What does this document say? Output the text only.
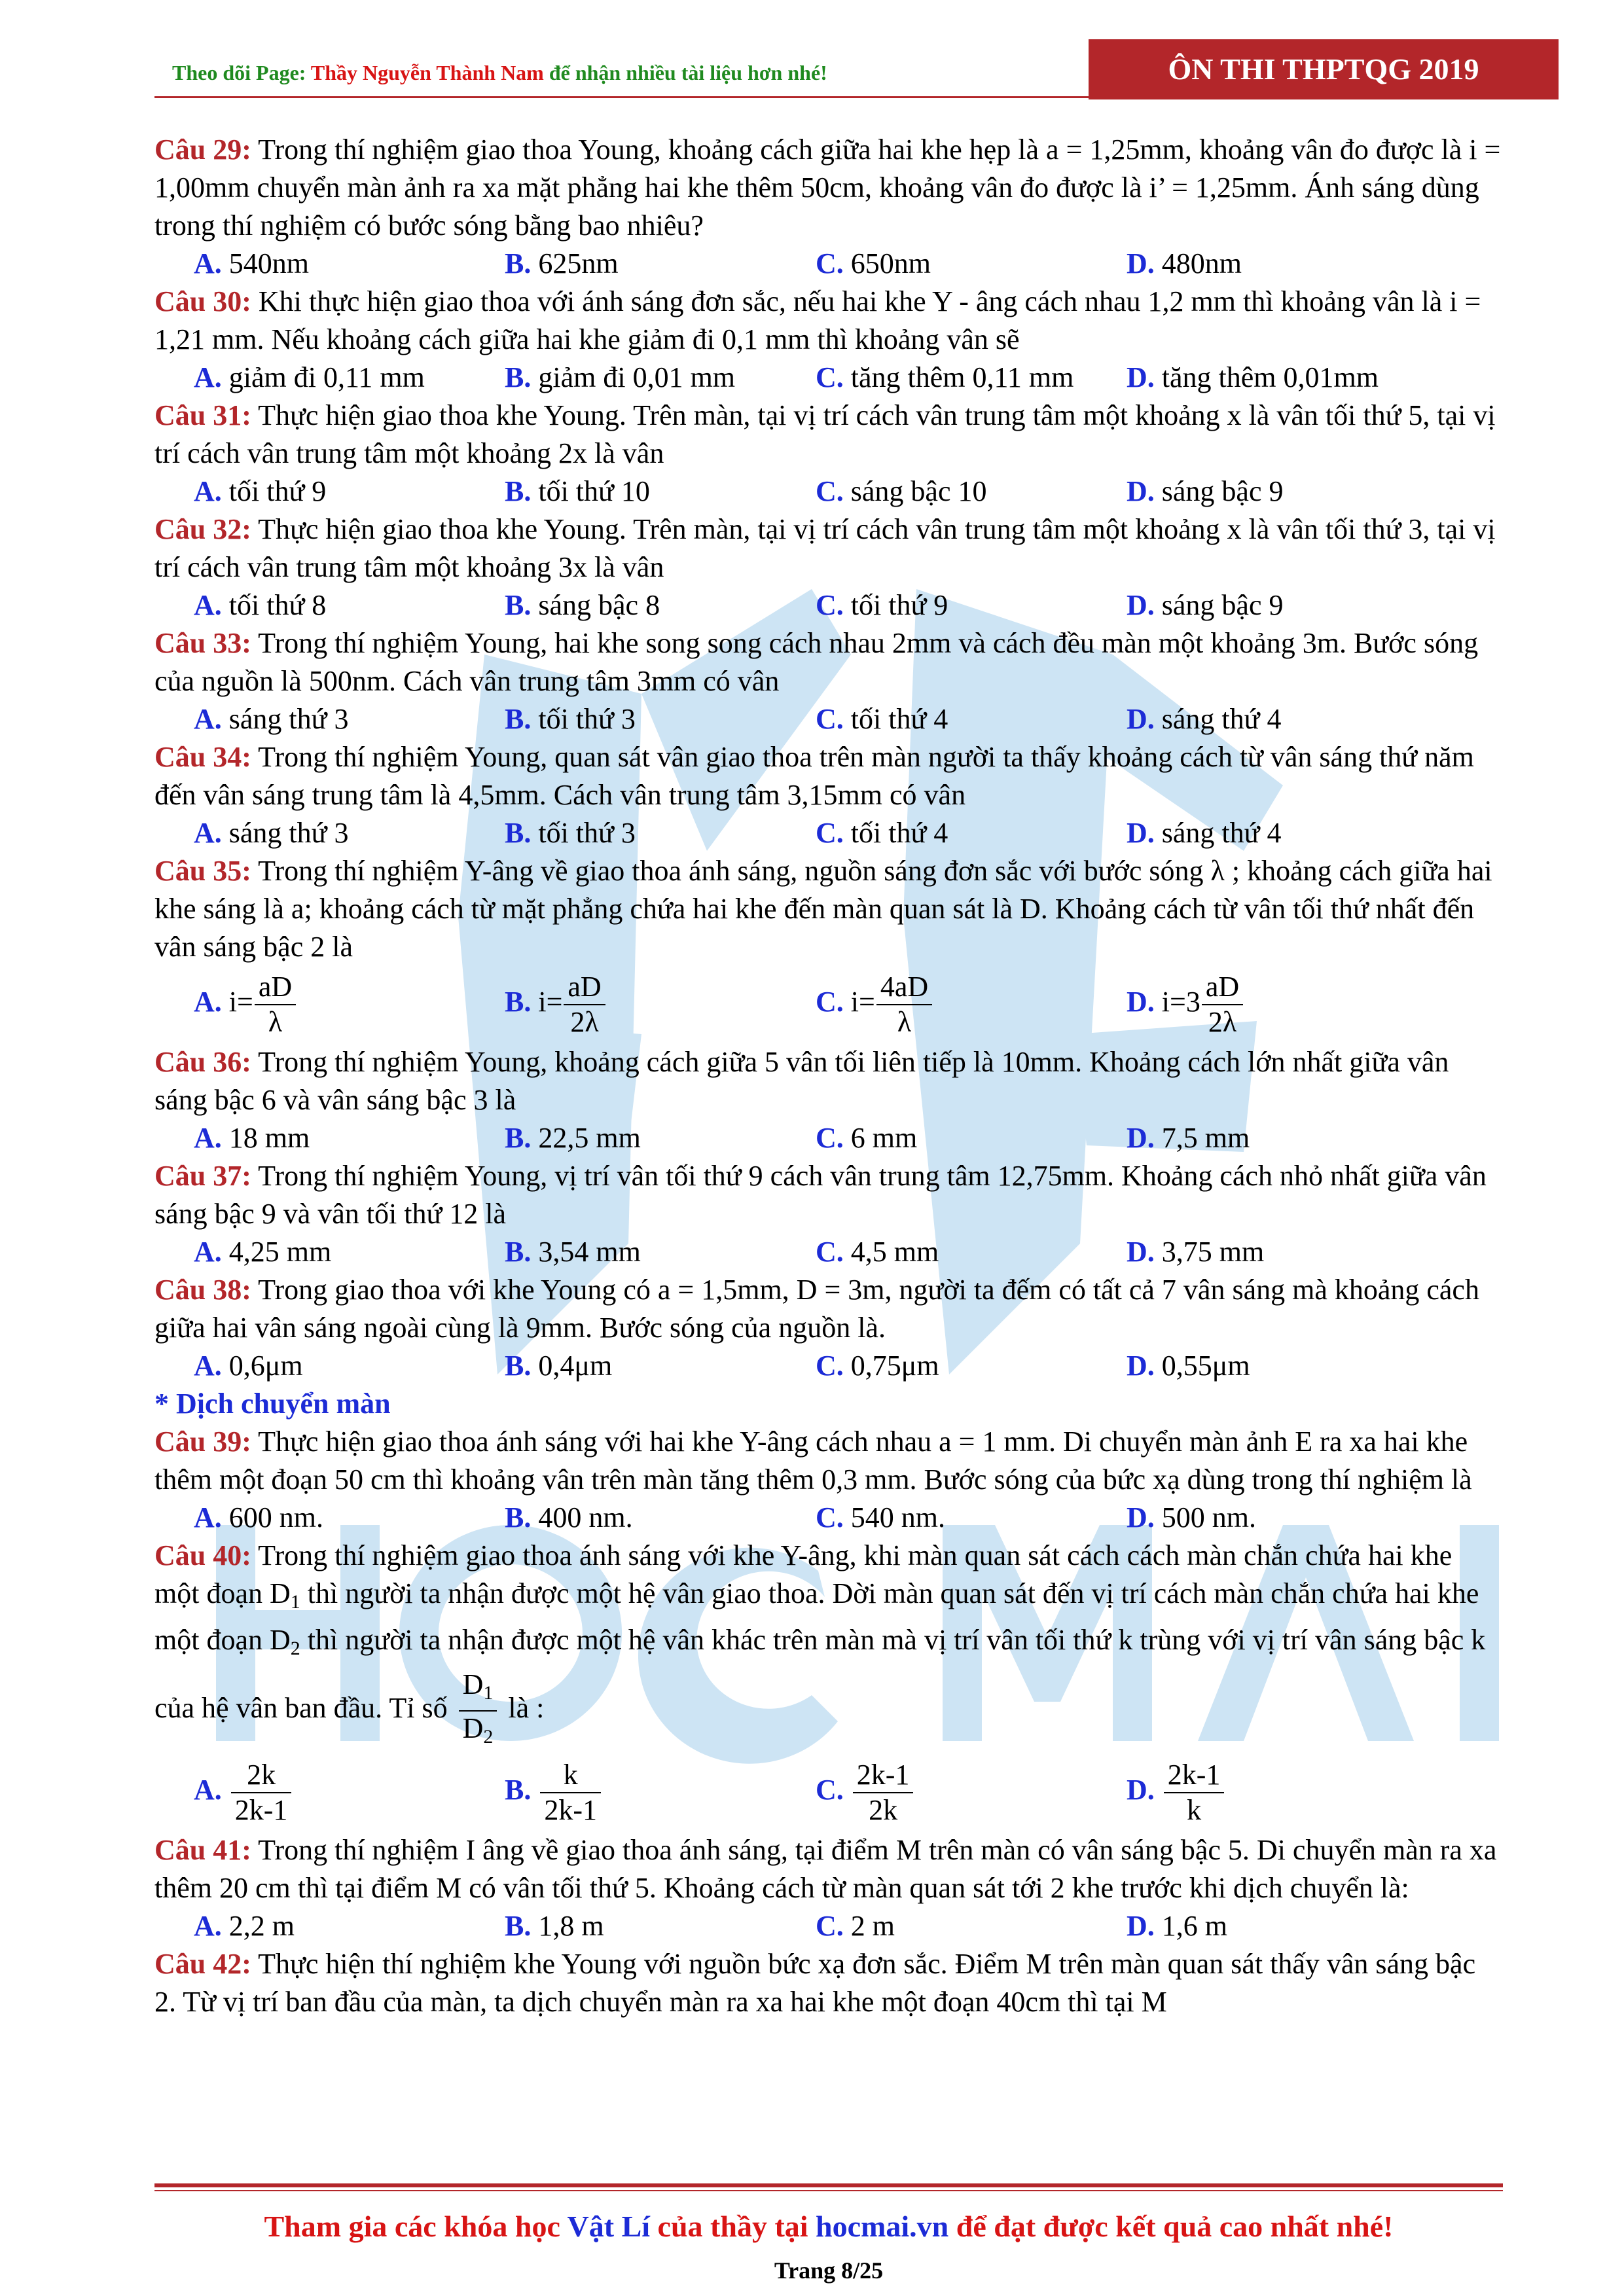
Theo dõi Page: Thầy Nguyễn Thành Nam để nhận nhiều tài liệu hơn nhé!	ÔN THI THPTQG 2019

Câu 29: Trong thí nghiệm giao thoa Young, khoảng cách giữa hai khe hẹp là a = 1,25mm, khoảng vân đo được là i = 1,00mm chuyển màn ảnh ra xa mặt phẳng hai khe thêm 50cm, khoảng vân đo được là i’ = 1,25mm. Ánh sáng dùng trong thí nghiệm có bước sóng bằng bao nhiêu?

A. 540nm	B. 625nm	C. 650nm	D. 480nm

Câu 30: Khi thực hiện giao thoa với ánh sáng đơn sắc, nếu hai khe Y - âng cách nhau 1,2 mm thì khoảng vân là i = 1,21 mm. Nếu khoảng cách giữa hai khe giảm đi 0,1 mm thì khoảng vân sẽ

A. giảm đi 0,11 mm	B. giảm đi 0,01 mm	C. tăng thêm 0,11 mm D. tăng thêm 0,01mm

Câu 31: Thực hiện giao thoa khe Young. Trên màn, tại vị trí cách vân trung tâm một khoảng x là vân tối thứ 5, tại vị trí cách vân trung tâm một khoảng 2x là vân

A. tối thứ 9	B. tối thứ 10	C. sáng bậc 10	D. sáng bậc 9

Câu 32: Thực hiện giao thoa khe Young. Trên màn, tại vị trí cách vân trung tâm một khoảng x là vân tối thứ 3, tại vị trí cách vân trung tâm một khoảng 3x là vân

A. tối thứ 8	B. sáng bậc 8	C. tối thứ 9	D. sáng bậc 9

Câu 33: Trong thí nghiệm Young, hai khe song song cách nhau 2mm và cách đều màn một khoảng 3m. Bước sóng của nguồn là 500nm. Cách vân trung tâm 3mm có vân

A. sáng thứ 3	B. tối thứ 3	C. tối thứ 4	D. sáng thứ 4

Câu 34: Trong thí nghiệm Young, quan sát vân giao thoa trên màn người ta thấy khoảng cách từ vân sáng thứ năm đến vân sáng trung tâm là 4,5mm. Cách vân trung tâm 3,15mm có vân

A. sáng thứ 3	B. tối thứ 3	C. tối thứ 4	D. sáng thứ 4

Câu 35: Trong thí nghiệm Y-âng về giao thoa ánh sáng, nguồn sáng đơn sắc với bước sóng λ ; khoảng cách giữa hai khe sáng là a; khoảng cách từ mặt phẳng chứa hai khe đến màn quan sát là D. Khoảng cách từ vân tối thứ nhất đến vân sáng bậc 2 là

A. $i= \frac{aD}{\lambda}$	B. $i= \frac{aD}{2\lambda}$	C. $i= \frac{4aD}{\lambda}$	D. $i=3 \frac{aD}{2\lambda}$

Câu 36: Trong thí nghiệm Young, khoảng cách giữa 5 vân tối liên tiếp là 10mm. Khoảng cách lớn nhất giữa vân sáng bậc 6 và vân sáng bậc 3 là

A. 18 mm	B. 22,5 mm	C. 6 mm	D. 7,5 mm

Câu 37: Trong thí nghiệm Young, vị trí vân tối thứ 9 cách vân trung tâm 12,75mm. Khoảng cách nhỏ nhất giữa vân sáng bậc 9 và vân tối thứ 12 là

A. 4,25 mm	B. 3,54 mm	C. 4,5 mm	D. 3,75 mm

Câu 38: Trong giao thoa với khe Young có a = 1,5mm, D = 3m, người ta đếm có tất cả 7 vân sáng mà khoảng cách giữa hai vân sáng ngoài cùng là 9mm. Bước sóng của nguồn là.

A. 0,6μm	B. 0,4μm	C. 0,75μm	D. 0,55μm
* Dịch chuyển màn

Câu 39: Thực hiện giao thoa ánh sáng với hai khe Y-âng cách nhau a = 1 mm. Di chuyển màn ảnh E ra xa hai khe thêm một đoạn 50 cm thì khoảng vân trên màn tăng thêm 0,3 mm. Bước sóng của bức xạ dùng trong thí nghiệm là

A. 600 nm.	B. 400 nm.	C. 540 nm.	D. 500 nm.

Câu 40: Trong thí nghiệm giao thoa ánh sáng với khe Y-âng, khi màn quan sát cách cách màn chắn chứa hai khe một đoạn $D_1$ thì người ta nhận được một hệ vân giao thoa. Dời màn quan sát đến vị trí cách màn chắn chứa hai khe một đoạn $D_2$ thì người ta nhận được một hệ vân khác trên màn mà vị trí vân tối thứ k trùng với vị trí vân sáng bậc k của hệ vân ban đầu. Tỉ số $\frac{D_1}{D_2}$ là :

A. $\frac{2k}{2k-1}$	B. $\frac{k}{2k-1}$	C. $\frac{2k-1}{2k}$	D. $\frac{2k-1}{k}$

Câu 41: Trong thí nghiệm I âng về giao thoa ánh sáng, tại điểm M trên màn có vân sáng bậc 5. Di chuyển màn ra xa thêm 20 cm thì tại điểm M có vân tối thứ 5. Khoảng cách từ màn quan sát tới 2 khe trước khi dịch chuyển là:

A. 2,2 m	B. 1,8 m	C. 2 m	D. 1,6 m

Câu 42: Thực hiện thí nghiệm khe Young với nguồn bức xạ đơn sắc. Điểm M trên màn quan sát thấy vân sáng bậc 2. Từ vị trí ban đầu của màn, ta dịch chuyển màn ra xa hai khe một đoạn 40cm thì tại M

Tham gia các khóa học Vật Lí của thầy tại hocmai.vn để đạt được kết quả cao nhất nhé!
Trang 8/25
